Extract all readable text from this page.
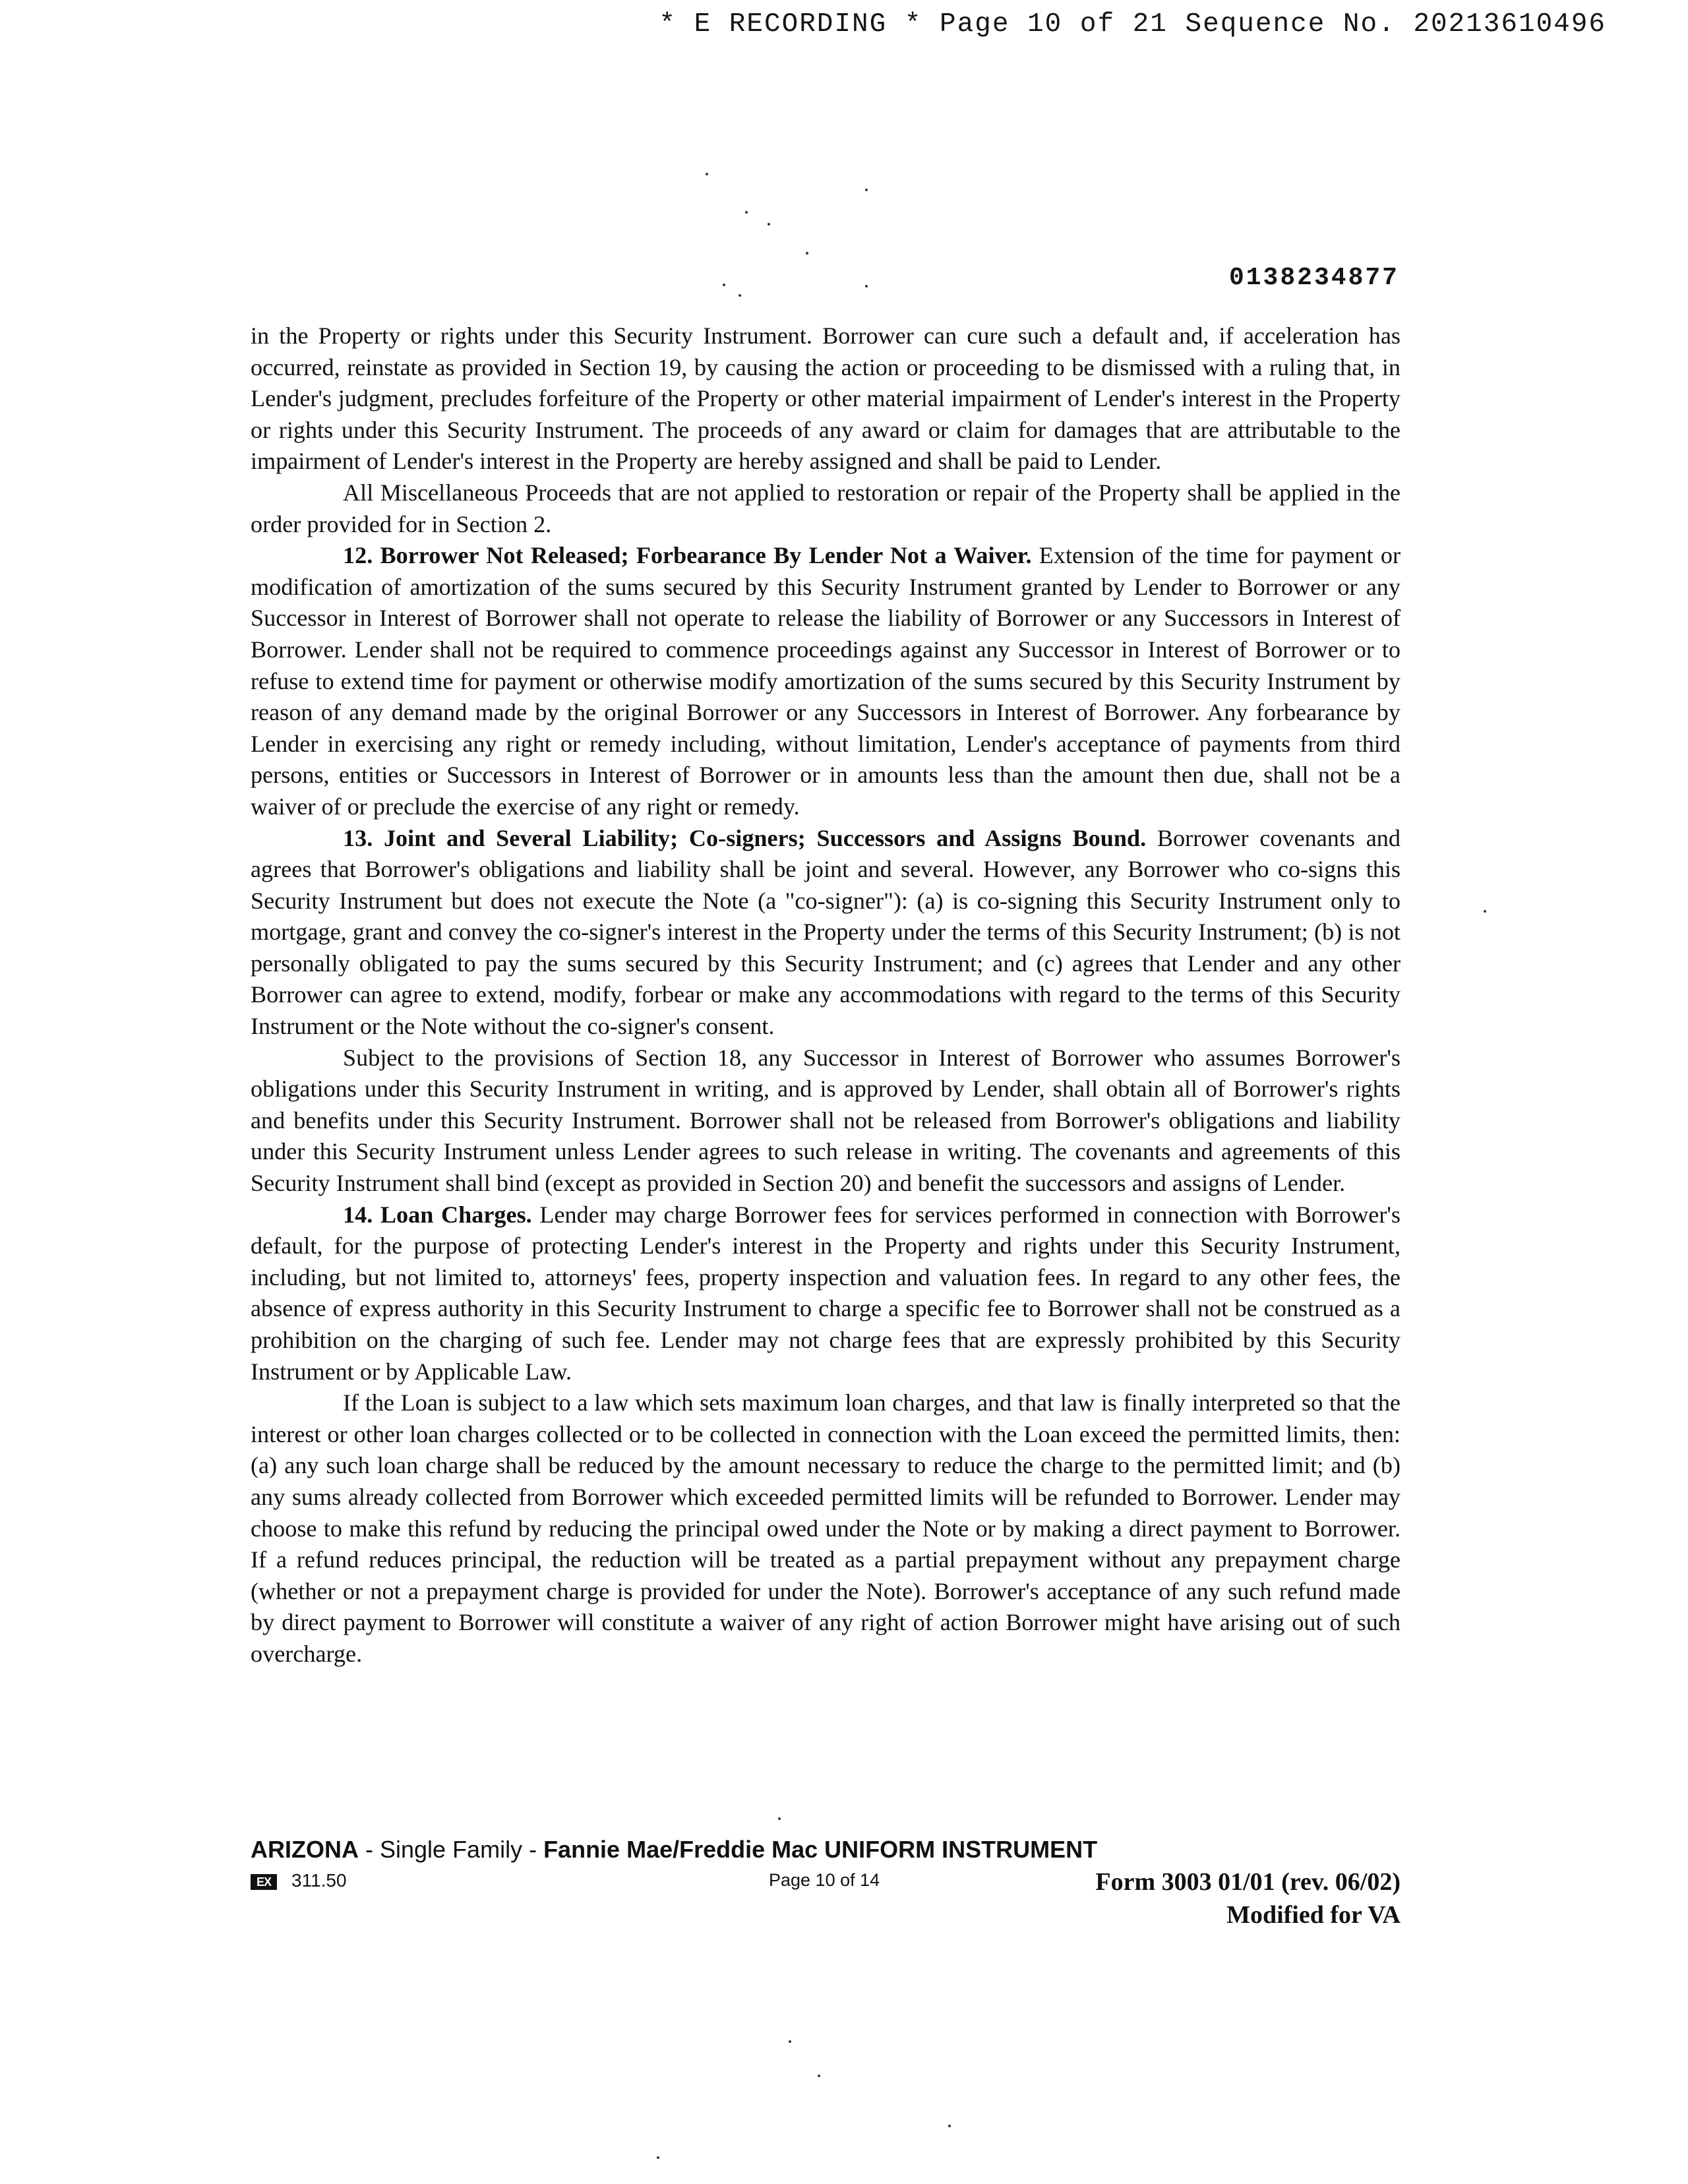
* E RECORDING * Page 10 of 21 Sequence No. 20213610496
0138234877

in the Property or rights under this Security Instrument. Borrower can cure such a default and, if acceleration has occurred, reinstate as provided in Section 19, by causing the action or proceeding to be dismissed with a ruling that, in Lender's judgment, precludes forfeiture of the Property or other material impairment of Lender's interest in the Property or rights under this Security Instrument. The proceeds of any award or claim for damages that are attributable to the impairment of Lender's interest in the Property are hereby assigned and shall be paid to Lender.

All Miscellaneous Proceeds that are not applied to restoration or repair of the Property shall be applied in the order provided for in Section 2.

12. Borrower Not Released; Forbearance By Lender Not a Waiver. Extension of the time for payment or modification of amortization of the sums secured by this Security Instrument granted by Lender to Borrower or any Successor in Interest of Borrower shall not operate to release the liability of Borrower or any Successors in Interest of Borrower. Lender shall not be required to commence proceedings against any Successor in Interest of Borrower or to refuse to extend time for payment or otherwise modify amortization of the sums secured by this Security Instrument by reason of any demand made by the original Borrower or any Successors in Interest of Borrower. Any forbearance by Lender in exercising any right or remedy including, without limitation, Lender's acceptance of payments from third persons, entities or Successors in Interest of Borrower or in amounts less than the amount then due, shall not be a waiver of or preclude the exercise of any right or remedy.

13. Joint and Several Liability; Co-signers; Successors and Assigns Bound. Borrower covenants and agrees that Borrower's obligations and liability shall be joint and several. However, any Borrower who co-signs this Security Instrument but does not execute the Note (a "co-signer"): (a) is co-signing this Security Instrument only to mortgage, grant and convey the co-signer's interest in the Property under the terms of this Security Instrument; (b) is not personally obligated to pay the sums secured by this Security Instrument; and (c) agrees that Lender and any other Borrower can agree to extend, modify, forbear or make any accommodations with regard to the terms of this Security Instrument or the Note without the co-signer's consent.

Subject to the provisions of Section 18, any Successor in Interest of Borrower who assumes Borrower's obligations under this Security Instrument in writing, and is approved by Lender, shall obtain all of Borrower's rights and benefits under this Security Instrument. Borrower shall not be released from Borrower's obligations and liability under this Security Instrument unless Lender agrees to such release in writing. The covenants and agreements of this Security Instrument shall bind (except as provided in Section 20) and benefit the successors and assigns of Lender.

14. Loan Charges. Lender may charge Borrower fees for services performed in connection with Borrower's default, for the purpose of protecting Lender's interest in the Property and rights under this Security Instrument, including, but not limited to, attorneys' fees, property inspection and valuation fees. In regard to any other fees, the absence of express authority in this Security Instrument to charge a specific fee to Borrower shall not be construed as a prohibition on the charging of such fee. Lender may not charge fees that are expressly prohibited by this Security Instrument or by Applicable Law.

If the Loan is subject to a law which sets maximum loan charges, and that law is finally interpreted so that the interest or other loan charges collected or to be collected in connection with the Loan exceed the permitted limits, then: (a) any such loan charge shall be reduced by the amount necessary to reduce the charge to the permitted limit; and (b) any sums already collected from Borrower which exceeded permitted limits will be refunded to Borrower. Lender may choose to make this refund by reducing the principal owed under the Note or by making a direct payment to Borrower. If a refund reduces principal, the reduction will be treated as a partial prepayment without any prepayment charge (whether or not a prepayment charge is provided for under the Note). Borrower's acceptance of any such refund made by direct payment to Borrower will constitute a waiver of any right of action Borrower might have arising out of such overcharge.

ARIZONA - Single Family - Fannie Mae/Freddie Mac UNIFORM INSTRUMENT
EX	311.50	Page 10 of 14	Form 3003 01/01 (rev. 06/02)
Modified for VA
